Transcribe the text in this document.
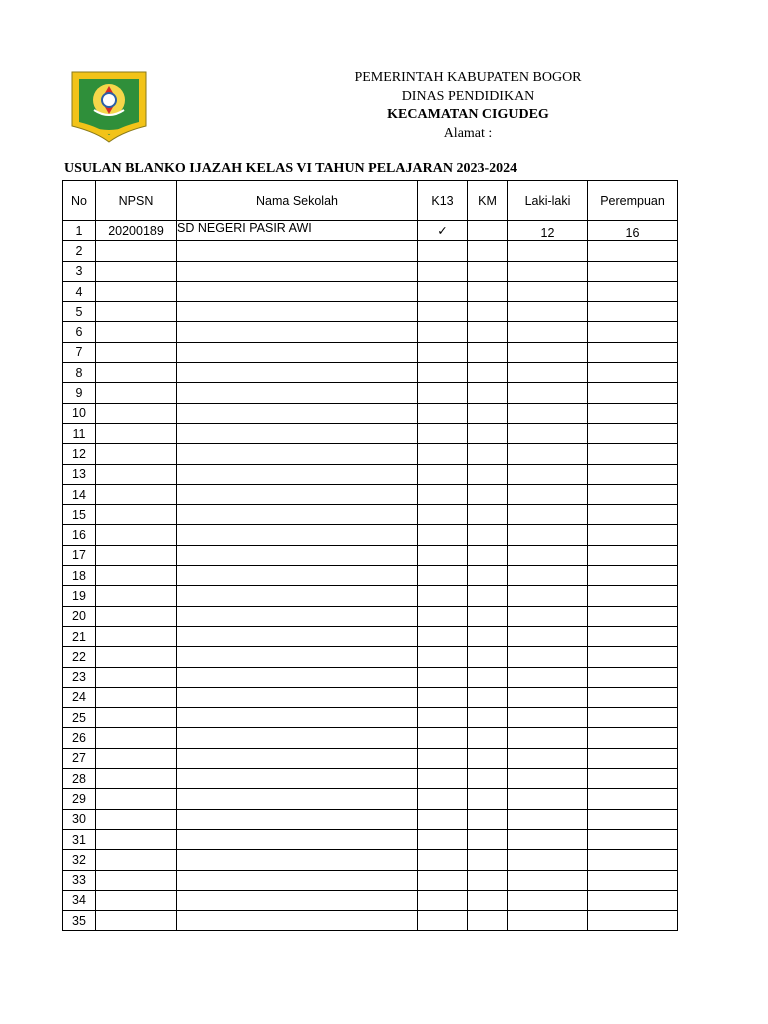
PEMERINTAH KABUPATEN BOGOR
DINAS PENDIDIKAN
KECAMATAN CIGUDEG
Alamat :
USULAN BLANKO IJAZAH KELAS VI TAHUN PELAJARAN 2023-2024
No	NPSN	Nama Sekolah	K13	KM	Laki-laki	Perempuan
1	20200189	SD NEGERI PASIR AWI	✓		12	16
2						
3						
4						
5						
6						
7						
8						
9						
10						
11						
12						
13						
14						
15						
16						
17						
18						
19						
20						
21						
22						
23						
24						
25						
26						
27						
28						
29						
30						
31						
32						
33						
34						
35						
